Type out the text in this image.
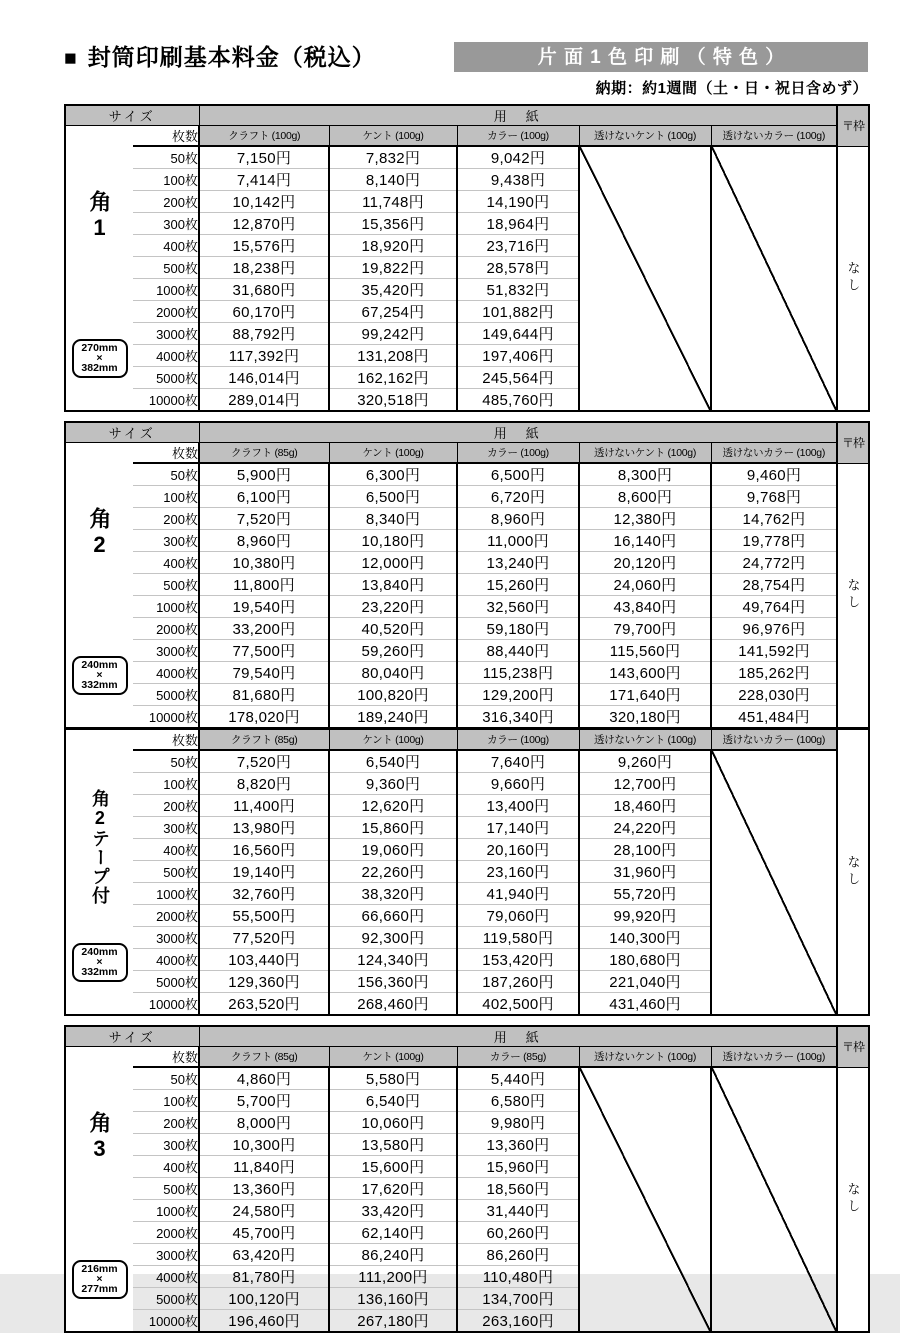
■ 封筒印刷基本料金（税込）	片面1色印刷（特色）
納期：約1週間（土・日・祝日含めず）
サイズ		用　紙					〒枠
	枚数	クラフト (100g)	ケント (100g)	カラー (100g)	透けないケント (100g)	透けないカラー (100g)	

角1
270mm
×
382mm	50枚	7,150円	7,832円	9,042円			なし
	100枚	7,414円	8,140円	9,438円			
	200枚	10,142円	11,748円	14,190円			
	300枚	12,870円	15,356円	18,964円			
	400枚	15,576円	18,920円	23,716円			
	500枚	18,238円	19,822円	28,578円			
	1000枚	31,680円	35,420円	51,832円			
	2000枚	60,170円	67,254円	101,882円			
	3000枚	88,792円	99,242円	149,644円			
	4000枚	117,392円	131,208円	197,406円			
	5000枚	146,014円	162,162円	245,564円			
	10000枚	289,014円	320,518円	485,760円			
サイズ		用　紙					〒枠
	枚数	クラフト (85g)	ケント (100g)	カラー (100g)	透けないケント (100g)	透けないカラー (100g)	

角2
240mm
×
332mm	50枚	5,900円	6,300円	6,500円	8,300円	9,460円	なし
	100枚	6,100円	6,500円	6,720円	8,600円	9,768円	
	200枚	7,520円	8,340円	8,960円	12,380円	14,762円	
	300枚	8,960円	10,180円	11,000円	16,140円	19,778円	
	400枚	10,380円	12,000円	13,240円	20,120円	24,772円	
	500枚	11,800円	13,840円	15,260円	24,060円	28,754円	
	1000枚	19,540円	23,220円	32,560円	43,840円	49,764円	
	2000枚	33,200円	40,520円	59,180円	79,700円	96,976円	
	3000枚	77,500円	59,260円	88,440円	115,560円	141,592円	
	4000枚	79,540円	80,040円	115,238円	143,600円	185,262円	
	5000枚	81,680円	100,820円	129,200円	171,640円	228,030円	
	10000枚	178,020円	189,240円	316,340円	320,180円	451,484円	
	枚数	クラフト (85g)	ケント (100g)	カラー (100g)	透けないケント (100g)	透けないカラー (100g)	なし

角2テープ付
240mm
×
332mm	50枚	7,520円	6,540円	7,640円	9,260円		
	100枚	8,820円	9,360円	9,660円	12,700円		
	200枚	11,400円	12,620円	13,400円	18,460円		
	300枚	13,980円	15,860円	17,140円	24,220円		
	400枚	16,560円	19,060円	20,160円	28,100円		
	500枚	19,140円	22,260円	23,160円	31,960円		
	1000枚	32,760円	38,320円	41,940円	55,720円		
	2000枚	55,500円	66,660円	79,060円	99,920円		
	3000枚	77,520円	92,300円	119,580円	140,300円		
	4000枚	103,440円	124,340円	153,420円	180,680円		
	5000枚	129,360円	156,360円	187,260円	221,040円		
	10000枚	263,520円	268,460円	402,500円	431,460円		
サイズ		用　紙					〒枠
	枚数	クラフト (85g)	ケント (100g)	カラー (85g)	透けないケント (100g)	透けないカラー (100g)	

角3
216mm
×
277mm	50枚	4,860円	5,580円	5,440円			なし
	100枚	5,700円	6,540円	6,580円			
	200枚	8,000円	10,060円	9,980円			
	300枚	10,300円	13,580円	13,360円			
	400枚	11,840円	15,600円	15,960円			
	500枚	13,360円	17,620円	18,560円			
	1000枚	24,580円	33,420円	31,440円			
	2000枚	45,700円	62,140円	60,260円			
	3000枚	63,420円	86,240円	86,260円			
	4000枚	81,780円	111,200円	110,480円			
	5000枚	100,120円	136,160円	134,700円			
	10000枚	196,460円	267,180円	263,160円			
